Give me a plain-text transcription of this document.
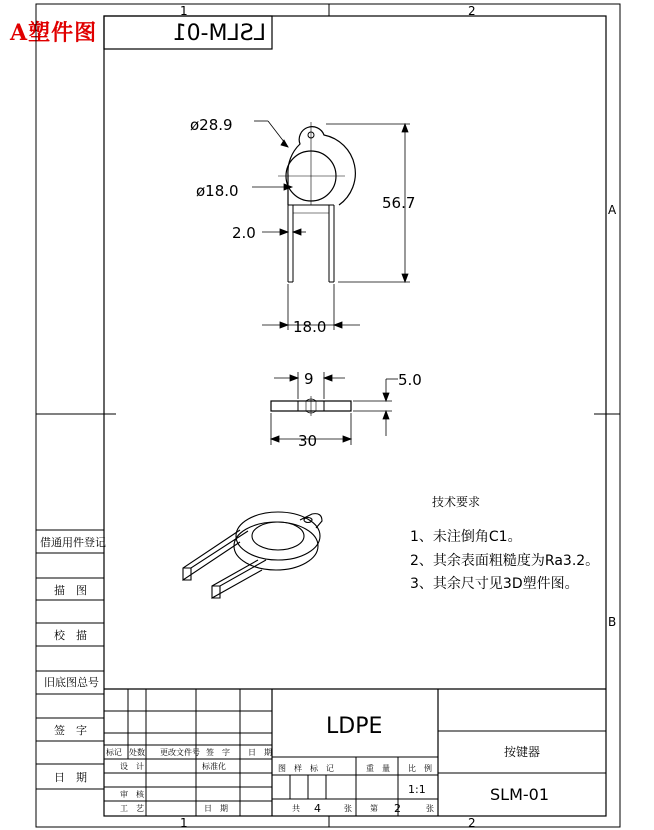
A塑件图
1	2
1	2
A
B
LSLM-01
ø28.9
ø18.0
56.7
2.0
18.0
9	5.0
30
技术要求
1、未注倒角C1。
2、其余表面粗糙度为Ra3.2。
3、其余尺寸见3D塑件图。
借通用件登记
描　图
校　描
旧底图总号
签　字
日　期
标记 处数 更改文件号 签　字 日　期
设　计
审　核
工　艺
标准化
日　期
LDPE
图　样　标　记	重　量 比　例
1:1
共 4	张 第 2	张
按键器
SLM-01
